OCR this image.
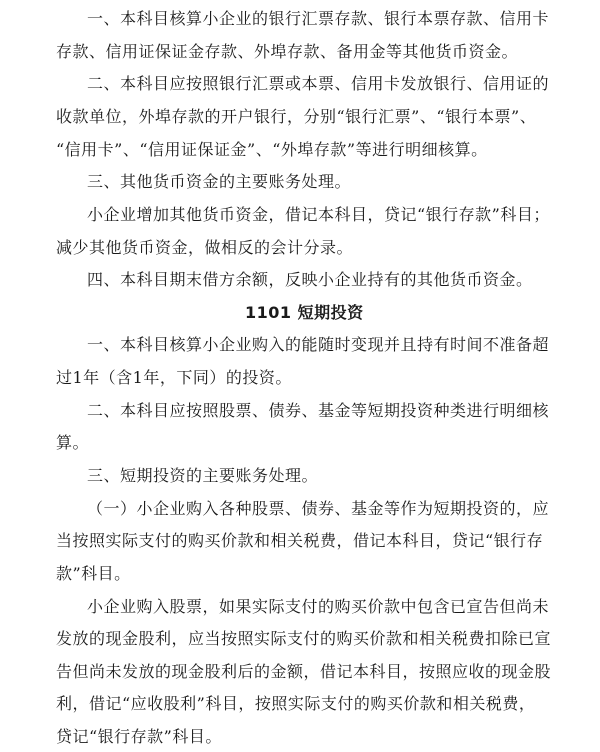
一、本科目核算小企业的银行汇票存款、银行本票存款、信用卡
存款、信用证保证金存款、外埠存款、备用金等其他货币资金。
二、本科目应按照银行汇票或本票、信用卡发放银行、信用证的
收款单位，外埠存款的开户银行，分别“银行汇票”、“银行本票”、
“信用卡”、“信用证保证金”、“外埠存款”等进行明细核算。
三、其他货币资金的主要账务处理。
小企业增加其他货币资金，借记本科目，贷记“银行存款”科目；
减少其他货币资金，做相反的会计分录。
四、本科目期末借方余额，反映小企业持有的其他货币资金。
1101 短期投资
一、本科目核算小企业购入的能随时变现并且持有时间不准备超
过1年（含1年，下同）的投资。
二、本科目应按照股票、债券、基金等短期投资种类进行明细核
算。
三、短期投资的主要账务处理。
（一）小企业购入各种股票、债券、基金等作为短期投资的，应
当按照实际支付的购买价款和相关税费，借记本科目，贷记“银行存
款”科目。
小企业购入股票，如果实际支付的购买价款中包含已宣告但尚未
发放的现金股利，应当按照实际支付的购买价款和相关税费扣除已宣
告但尚未发放的现金股利后的金额，借记本科目，按照应收的现金股
利，借记“应收股利”科目，按照实际支付的购买价款和相关税费，
贷记“银行存款”科目。
